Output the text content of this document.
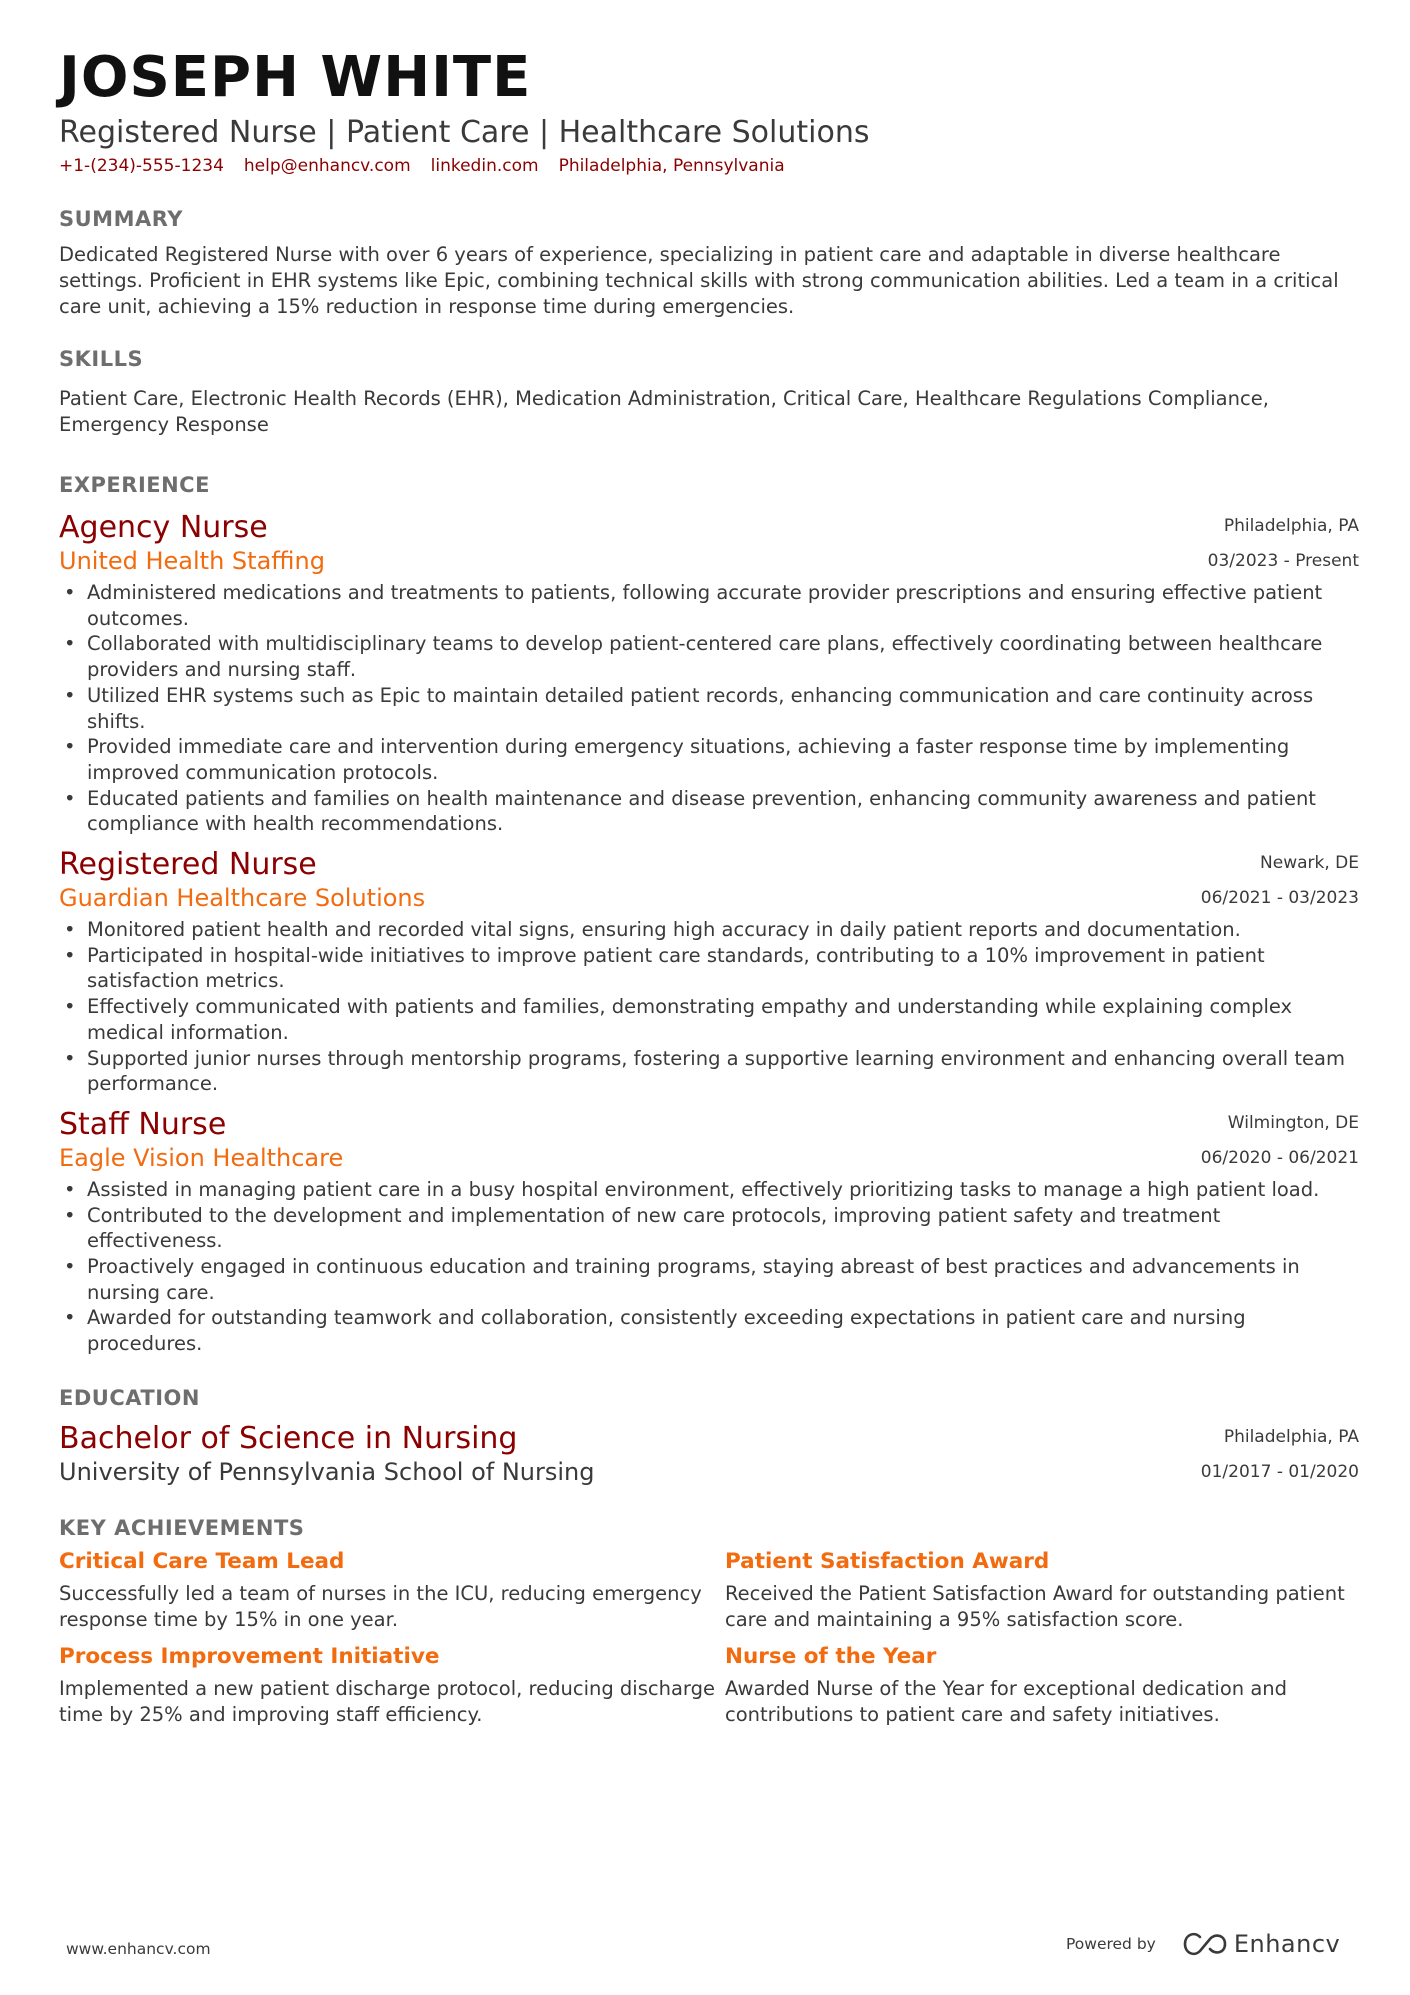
JOSEPH WHITE
Registered Nurse | Patient Care | Healthcare Solutions
+1-(234)-555-1234 help@enhancv.com linkedin.com Philadelphia, Pennsylvania
SUMMARY

Dedicated Registered Nurse with over 6 years of experience, specializing in patient care and adaptable in diverse healthcare settings. Proficient in EHR systems like Epic, combining technical skills with strong communication abilities. Led a team in a critical care unit, achieving a 15% reduction in response time during emergencies.

SKILLS

Patient Care, Electronic Health Records (EHR), Medication Administration, Critical Care, Healthcare Regulations Compliance, Emergency Response

EXPERIENCE
Agency Nurse
United Health Staffing
Philadelphia, PA
03/2023 - Present
• Administered medications and treatments to patients, following accurate provider prescriptions and ensuring effective patient outcomes.
• Collaborated with multidisciplinary teams to develop patient-centered care plans, effectively coordinating between healthcare providers and nursing staff.
• Utilized EHR systems such as Epic to maintain detailed patient records, enhancing communication and care continuity across shifts.
• Provided immediate care and intervention during emergency situations, achieving a faster response time by implementing improved communication protocols.
• Educated patients and families on health maintenance and disease prevention, enhancing community awareness and patient compliance with health recommendations.
Registered Nurse
Guardian Healthcare Solutions
Newark, DE
06/2021 - 03/2023
• Monitored patient health and recorded vital signs, ensuring high accuracy in daily patient reports and documentation.
• Participated in hospital-wide initiatives to improve patient care standards, contributing to a 10% improvement in patient satisfaction metrics.
• Effectively communicated with patients and families, demonstrating empathy and understanding while explaining complex medical information.
• Supported junior nurses through mentorship programs, fostering a supportive learning environment and enhancing overall team performance.
Staff Nurse
Eagle Vision Healthcare
Wilmington, DE
06/2020 - 06/2021
• Assisted in managing patient care in a busy hospital environment, effectively prioritizing tasks to manage a high patient load.
• Contributed to the development and implementation of new care protocols, improving patient safety and treatment effectiveness.
• Proactively engaged in continuous education and training programs, staying abreast of best practices and advancements in nursing care.
• Awarded for outstanding teamwork and collaboration, consistently exceeding expectations in patient care and nursing procedures.
EDUCATION
Bachelor of Science in Nursing
University of Pennsylvania School of Nursing
Philadelphia, PA
01/2017 - 01/2020
KEY ACHIEVEMENTS
Critical Care Team Lead
Successfully led a team of nurses in the ICU, reducing emergency response time by 15% in one year.
Patient Satisfaction Award
Received the Patient Satisfaction Award for outstanding patient care and maintaining a 95% satisfaction score.
Process Improvement Initiative
Implemented a new patient discharge protocol, reducing discharge time by 25% and improving staff efficiency.
Nurse of the Year
Awarded Nurse of the Year for exceptional dedication and contributions to patient care and safety initiatives.
www.enhancv.com	Powered by	Enhancv
